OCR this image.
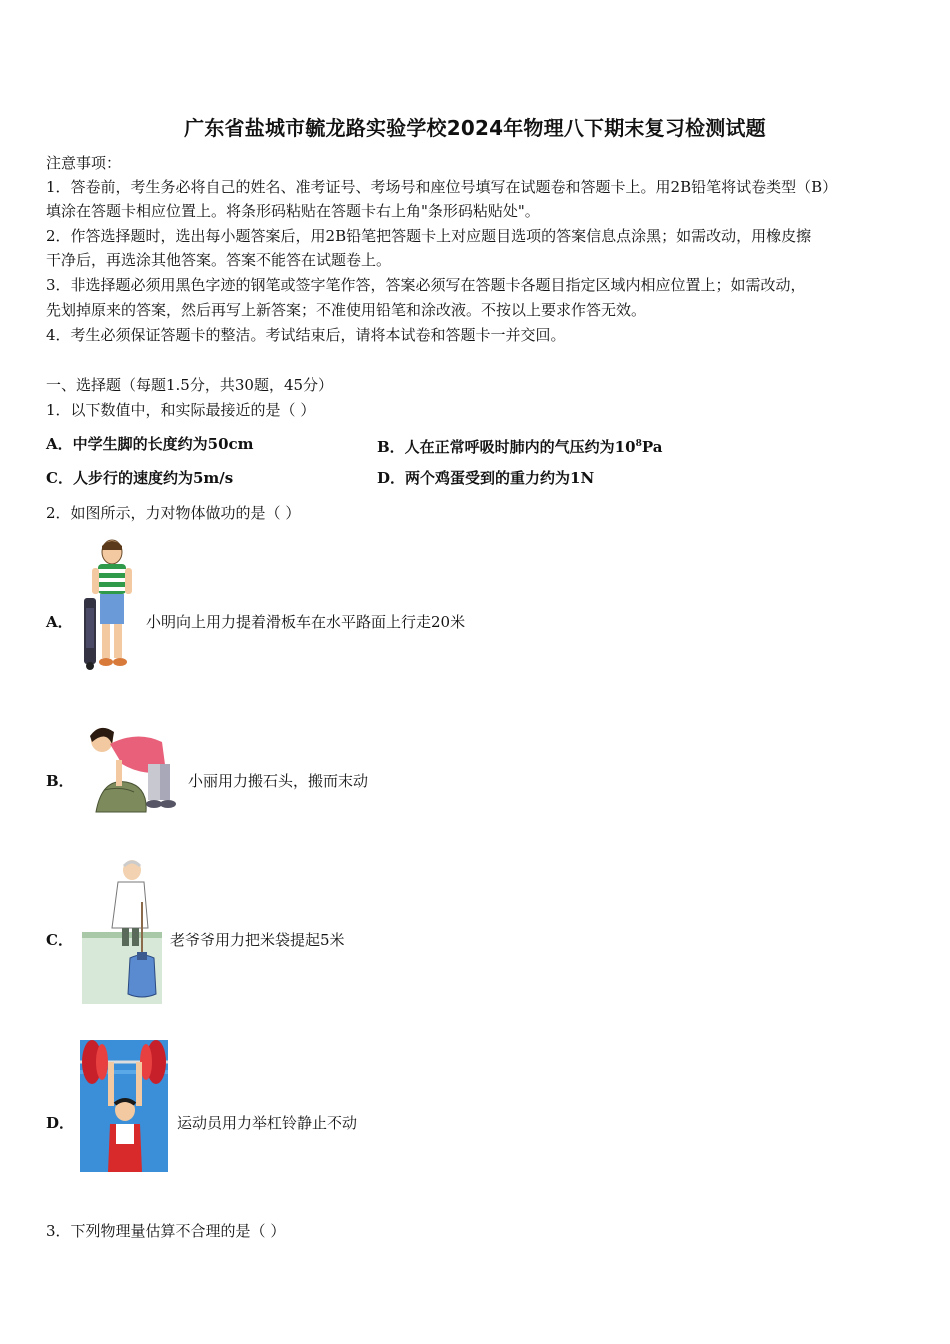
广东省盐城市毓龙路实验学校2024年物理八下期末复习检测试题
注意事项：
1．答卷前，考生务必将自己的姓名、准考证号、考场号和座位号填写在试题卷和答题卡上。用2B铅笔将试卷类型（B）
填涂在答题卡相应位置上。将条形码粘贴在答题卡右上角"条形码粘贴处"。
2．作答选择题时，选出每小题答案后，用2B铅笔把答题卡上对应题目选项的答案信息点涂黑；如需改动，用橡皮擦
干净后，再选涂其他答案。答案不能答在试题卷上。
3．非选择题必须用黑色字迹的钢笔或签字笔作答，答案必须写在答题卡各题目指定区域内相应位置上；如需改动，
先划掉原来的答案，然后再写上新答案；不准使用铅笔和涂改液。不按以上要求作答无效。
4．考生必须保证答题卡的整洁。考试结束后，请将本试卷和答题卡一并交回。
一、选择题（每题1.5分，共30题，45分）
1．以下数值中，和实际最接近的是（ ）
A．中学生脚的长度约为50cm	B．人在正常呼吸时肺内的气压约为$10^8Pa$
C．人步行的速度约为5m/s	D．两个鸡蛋受到的重力约为1N
2．如图所示，力对物体做功的是（ ）
A．	小明向上用力提着滑板车在水平路面上行走20米
B．	小丽用力搬石头，搬而末动
C．	老爷爷用力把米袋提起5米
D．	运动员用力举杠铃静止不动
3．下列物理量估算不合理的是（ ）
